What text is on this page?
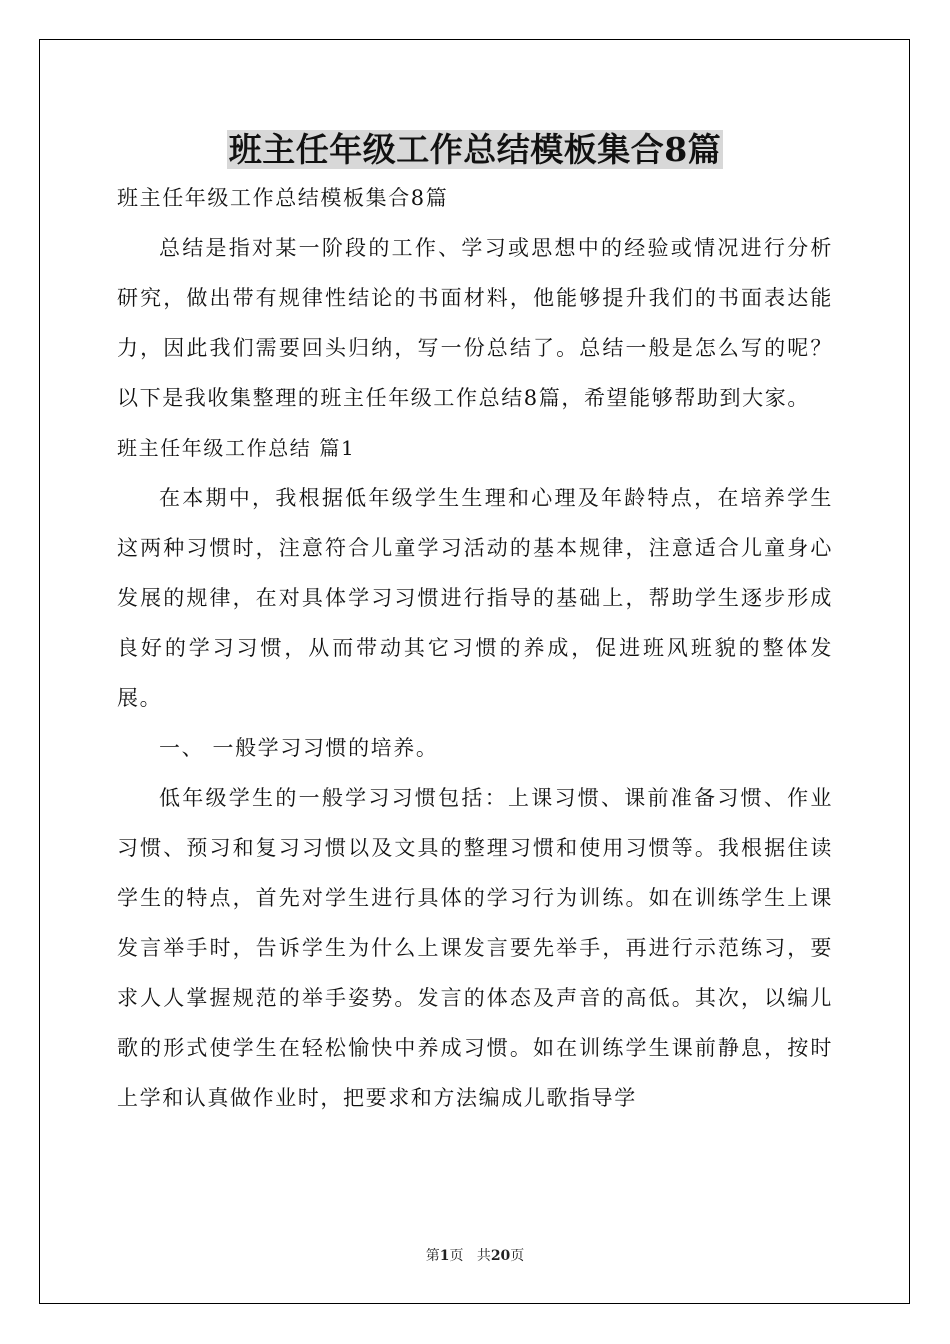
班主任年级工作总结模板集合8篇

班主任年级工作总结模板集合8篇

总结是指对某一阶段的工作、学习或思想中的经验或情况进行分析研究，做出带有规律性结论的书面材料，他能够提升我们的书面表达能力，因此我们需要回头归纳，写一份总结了。总结一般是怎么写的呢？以下是我收集整理的班主任年级工作总结8篇，希望能够帮助到大家。

班主任年级工作总结 篇1

在本期中，我根据低年级学生生理和心理及年龄特点，在培养学生这两种习惯时，注意符合儿童学习活动的基本规律，注意适合儿童身心发展的规律，在对具体学习习惯进行指导的基础上，帮助学生逐步形成良好的学习习惯，从而带动其它习惯的养成，促进班风班貌的整体发展。

一、 一般学习习惯的培养。

低年级学生的一般学习习惯包括：上课习惯、课前准备习惯、作业习惯、预习和复习习惯以及文具的整理习惯和使用习惯等。我根据住读学生的特点，首先对学生进行具体的学习行为训练。如在训练学生上课发言举手时，告诉学生为什么上课发言要先举手，再进行示范练习，要求人人掌握规范的举手姿势。发言的体态及声音的高低。其次，以编儿歌的形式使学生在轻松愉快中养成习惯。如在训练学生课前静息，按时上学和认真做作业时，把要求和方法编成儿歌指导学

第1页 共20页
